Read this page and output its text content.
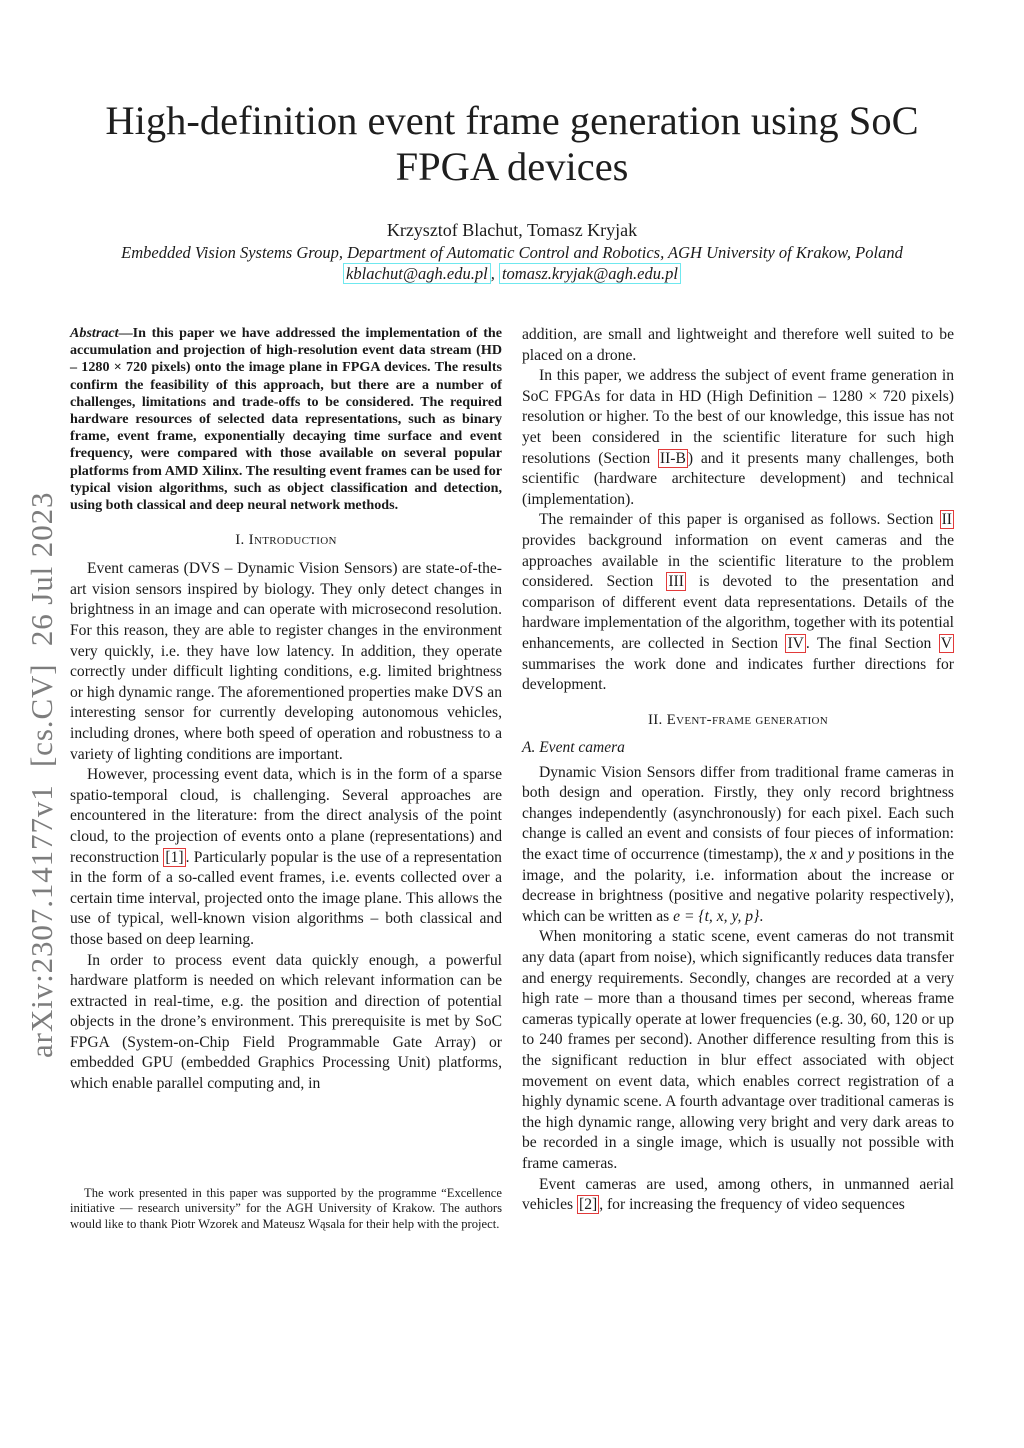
High-definition event frame generation using SoC
FPGA devices
Krzysztof Blachut, Tomasz Kryjak
Embedded Vision Systems Group, Department of Automatic Control and Robotics, AGH University of Krakow, Poland
kblachut@agh.edu.pl , tomasz.kryjak@agh.edu.pl
arXiv:2307.14177v1  [cs.CV]  26 Jul 2023

Abstract—In this paper we have addressed the implementation of the accumulation and projection of high-resolution event data stream (HD – 1280 × 720 pixels) onto the image plane in FPGA devices. The results confirm the feasibility of this approach, but there are a number of challenges, limitations and trade-offs to be considered. The required hardware resources of selected data representations, such as binary frame, event frame, exponentially decaying time surface and event frequency, were compared with those available on several popular platforms from AMD Xilinx. The resulting event frames can be used for typical vision algorithms, such as object classification and detection, using both classical and deep neural network methods.

I. Introduction

Event cameras (DVS – Dynamic Vision Sensors) are state-of-the-art vision sensors inspired by biology. They only detect changes in brightness in an image and can operate with microsecond resolution. For this reason, they are able to register changes in the environment very quickly, i.e. they have low latency. In addition, they operate correctly under difficult lighting conditions, e.g. limited brightness or high dynamic range. The aforementioned properties make DVS an interesting sensor for currently developing autonomous vehicles, including drones, where both speed of operation and robustness to a variety of lighting conditions are important.

However, processing event data, which is in the form of a sparse spatio-temporal cloud, is challenging. Several approaches are encountered in the literature: from the direct analysis of the point cloud, to the projection of events onto a plane (representations) and reconstruction [1] . Particularly popular is the use of a representation in the form of a so-called event frames, i.e. events collected over a certain time interval, projected onto the image plane. This allows the use of typical, well-known vision algorithms – both classical and those based on deep learning.

In order to process event data quickly enough, a powerful hardware platform is needed on which relevant information can be extracted in real-time, e.g. the position and direction of potential objects in the drone’s environment. This prerequisite is met by SoC FPGA (System-on-Chip Field Programmable Gate Array) or embedded GPU (embedded Graphics Processing Unit) platforms, which enable parallel computing and, in

The work presented in this paper was supported by the programme “Excellence initiative — research university” for the AGH University of Krakow. The authors would like to thank Piotr Wzorek and Mateusz Wąsala for their help with the project.

addition, are small and lightweight and therefore well suited to be placed on a drone.

In this paper, we address the subject of event frame generation in SoC FPGAs for data in HD (High Definition – 1280 × 720 pixels) resolution or higher. To the best of our knowledge, this issue has not yet been considered in the scientific literature for such high resolutions (Section II-B ) and it presents many challenges, both scientific (hardware architecture development) and technical (implementation).

The remainder of this paper is organised as follows. Section II provides background information on event cameras and the approaches available in the scientific literature to the problem considered. Section III is devoted to the presentation and comparison of different event data representations. Details of the hardware implementation of the algorithm, together with its potential enhancements, are collected in Section IV . The final Section V summarises the work done and indicates further directions for development.

II. Event-frame generation
A. Event camera

Dynamic Vision Sensors differ from traditional frame cameras in both design and operation. Firstly, they only record brightness changes independently (asynchronously) for each pixel. Each such change is called an event and consists of four pieces of information: the exact time of occurrence (timestamp), the x and y positions in the image, and the polarity, i.e. information about the increase or decrease in brightness (positive and negative polarity respectively), which can be written as e = {t, x, y, p}.

When monitoring a static scene, event cameras do not transmit any data (apart from noise), which significantly reduces data transfer and energy requirements. Secondly, changes are recorded at a very high rate – more than a thousand times per second, whereas frame cameras typically operate at lower frequencies (e.g. 30, 60, 120 or up to 240 frames per second). Another difference resulting from this is the significant reduction in blur effect associated with object movement on event data, which enables correct registration of a highly dynamic scene. A fourth advantage over traditional cameras is the high dynamic range, allowing very bright and very dark areas to be recorded in a single image, which is usually not possible with frame cameras.

Event cameras are used, among others, in unmanned aerial vehicles [2] , for increasing the frequency of video sequences
